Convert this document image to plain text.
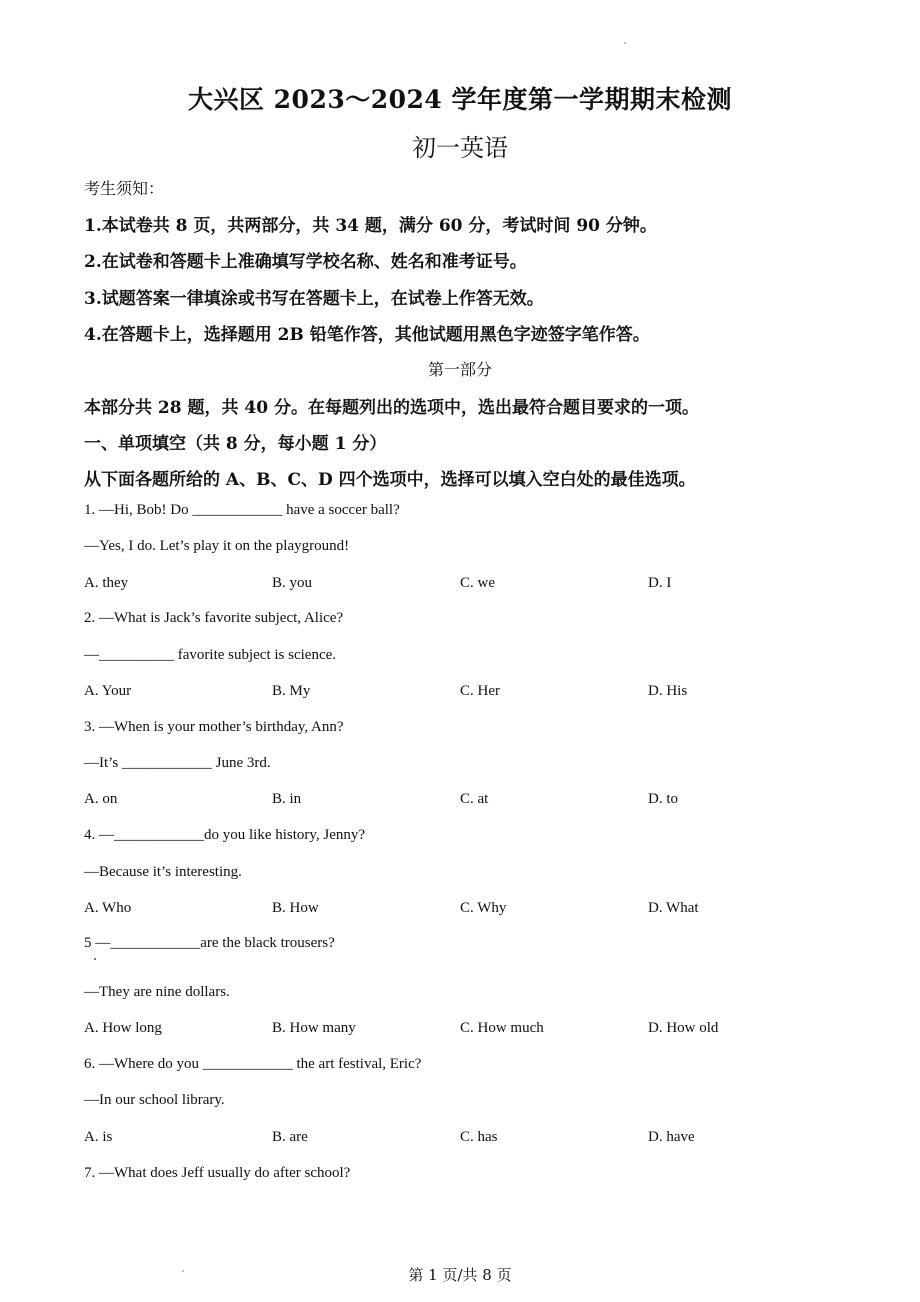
大兴区 2023～2024 学年度第一学期期末检测
初一英语
考生须知：
1.本试卷共 8 页，共两部分，共 34 题，满分 60 分，考试时间 90 分钟。
2.在试卷和答题卡上准确填写学校名称、姓名和准考证号。
3.试题答案一律填涂或书写在答题卡上，在试卷上作答无效。
4.在答题卡上，选择题用 2B 铅笔作答，其他试题用黑色字迹签字笔作答。
第一部分
本部分共 28 题，共 40 分。在每题列出的选项中，选出最符合题目要求的一项。
一、单项填空（共 8 分，每小题 1 分）
从下面各题所给的 A、B、C、D 四个选项中，选择可以填入空白处的最佳选项。
1. —Hi, Bob! Do ____________ have a soccer ball?
—Yes, I do. Let’s play it on the playground!
A. they	B. you	C. we	D. I
2. —What is Jack’s favorite subject, Alice?
—__________ favorite subject is science.
A. Your	B. My	C. Her	D. His
3. —When is your mother’s birthday, Ann?
—It’s ____________ June 3rd.
A. on	B. in	C. at	D. to
4. —____________do you like history, Jenny?
—Because it’s interesting.
A. Who	B. How	C. Why	D. What
5 —____________are the black trousers?
—They are nine dollars.
A. How long	B. How many	C. How much	D. How old
6. —Where do you ____________ the art festival, Eric?
—In our school library.
A. is	B. are	C. has	D. have
7. —What does Jeff usually do after school?
第 1 页/共 8 页
